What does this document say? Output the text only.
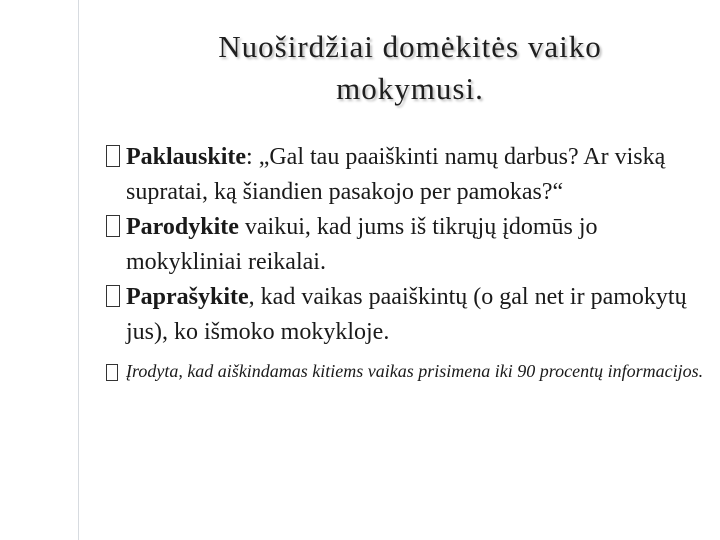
Nuoširdžiai domėkitės vaiko
mokymusi.
Paklauskite: „Gal tau paaiškinti namų darbus? Ar viską supratai, ką šiandien pasakojo per pamokas?“
Parodykite vaikui, kad jums iš tikrųjų įdomūs jo mokykliniai reikalai.
Paprašykite, kad vaikas paaiškintų (o gal net ir pamokytų jus), ko išmoko mokykloje.
Įrodyta, kad aiškindamas kitiems vaikas prisimena iki 90 procentų informacijos.
